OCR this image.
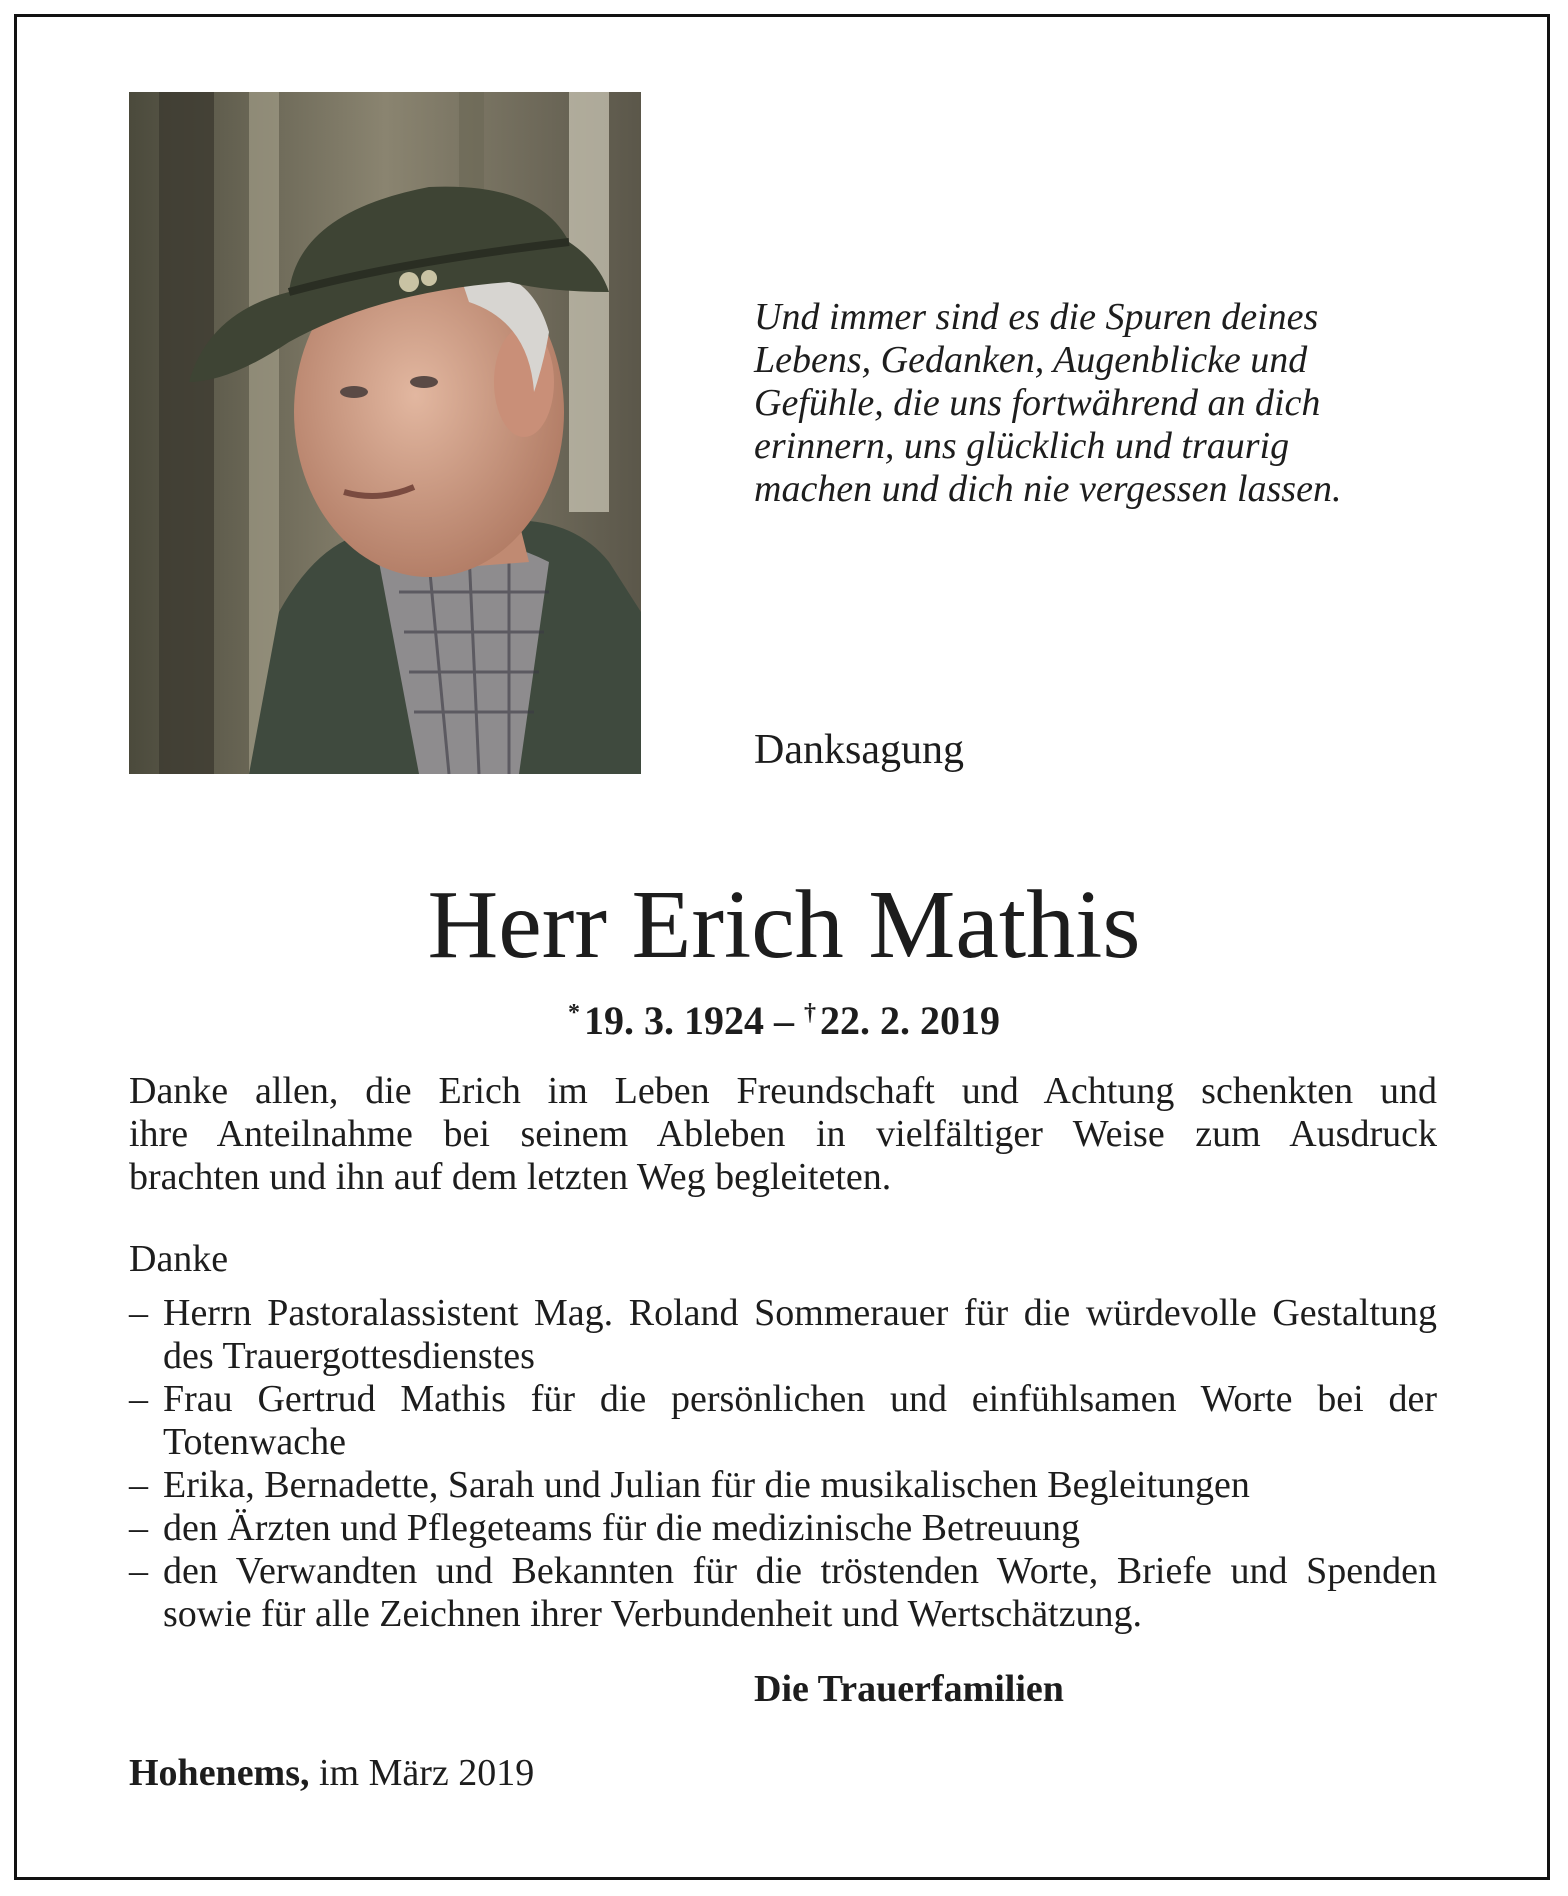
Und immer sind es die Spuren deines
Lebens, Gedanken, Augenblicke und
Gefühle, die uns fortwährend an dich
erinnern, uns glücklich und traurig
machen und dich nie vergessen lassen.
Danksagung
Herr Erich Mathis
* 19. 3. 1924 – † 22. 2. 2019
Danke allen, die Erich im Leben Freundschaft und Achtung schenkten und
ihre Anteilnahme bei seinem Ableben in vielfältiger Weise zum Ausdruck
brachten und ihn auf dem letzten Weg begleiteten.
Danke
– Herrn Pastoralassistent Mag. Roland Sommerauer für die würdevolle Gestaltung des Trauergottesdienstes
– Frau Gertrud Mathis für die persönlichen und einfühlsamen Worte bei der Totenwache
– Erika, Bernadette, Sarah und Julian für die musikalischen Begleitungen
– den Ärzten und Pflegeteams für die medizinische Betreuung
– den Verwandten und Bekannten für die tröstenden Worte, Briefe und Spenden sowie für alle Zeichnen ihrer Verbundenheit und Wertschätzung.
Die Trauerfamilien
Hohenems, im März 2019
